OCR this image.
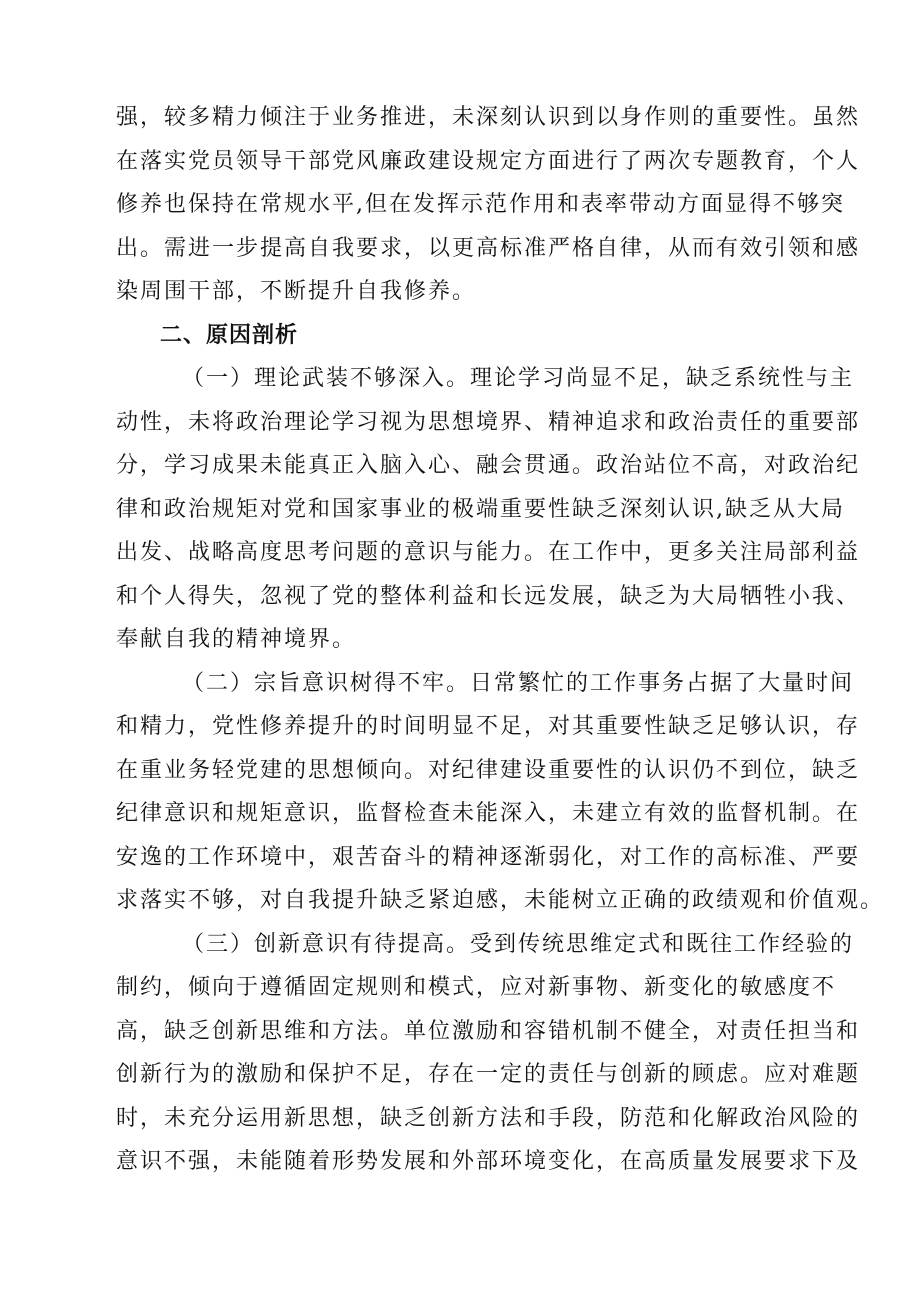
强，较多精力倾注于业务推进，未深刻认识到以身作则的重要性。虽然
在落实党员领导干部党风廉政建设规定方面进行了两次专题教育，个人
修养也保持在常规水平,但在发挥示范作用和表率带动方面显得不够突
出。需进一步提高自我要求，以更高标准严格自律，从而有效引领和感
染周围干部，不断提升自我修养。
二、原因剖析
（一）理论武装不够深入。理论学习尚显不足，缺乏系统性与主
动性，未将政治理论学习视为思想境界、精神追求和政治责任的重要部
分，学习成果未能真正入脑入心、融会贯通。政治站位不高，对政治纪
律和政治规矩对党和国家事业的极端重要性缺乏深刻认识,缺乏从大局
出发、战略高度思考问题的意识与能力。在工作中，更多关注局部利益
和个人得失，忽视了党的整体利益和长远发展，缺乏为大局牺牲小我、
奉献自我的精神境界。
（二）宗旨意识树得不牢。日常繁忙的工作事务占据了大量时间
和精力，党性修养提升的时间明显不足，对其重要性缺乏足够认识，存
在重业务轻党建的思想倾向。对纪律建设重要性的认识仍不到位，缺乏
纪律意识和规矩意识，监督检查未能深入，未建立有效的监督机制。在
安逸的工作环境中，艰苦奋斗的精神逐渐弱化，对工作的高标准、严要
求落实不够，对自我提升缺乏紧迫感，未能树立正确的政绩观和价值观。
（三）创新意识有待提高。受到传统思维定式和既往工作经验的
制约，倾向于遵循固定规则和模式，应对新事物、新变化的敏感度不
高，缺乏创新思维和方法。单位激励和容错机制不健全，对责任担当和
创新行为的激励和保护不足，存在一定的责任与创新的顾虑。应对难题
时，未充分运用新思想，缺乏创新方法和手段，防范和化解政治风险的
意识不强，未能随着形势发展和外部环境变化，在高质量发展要求下及
